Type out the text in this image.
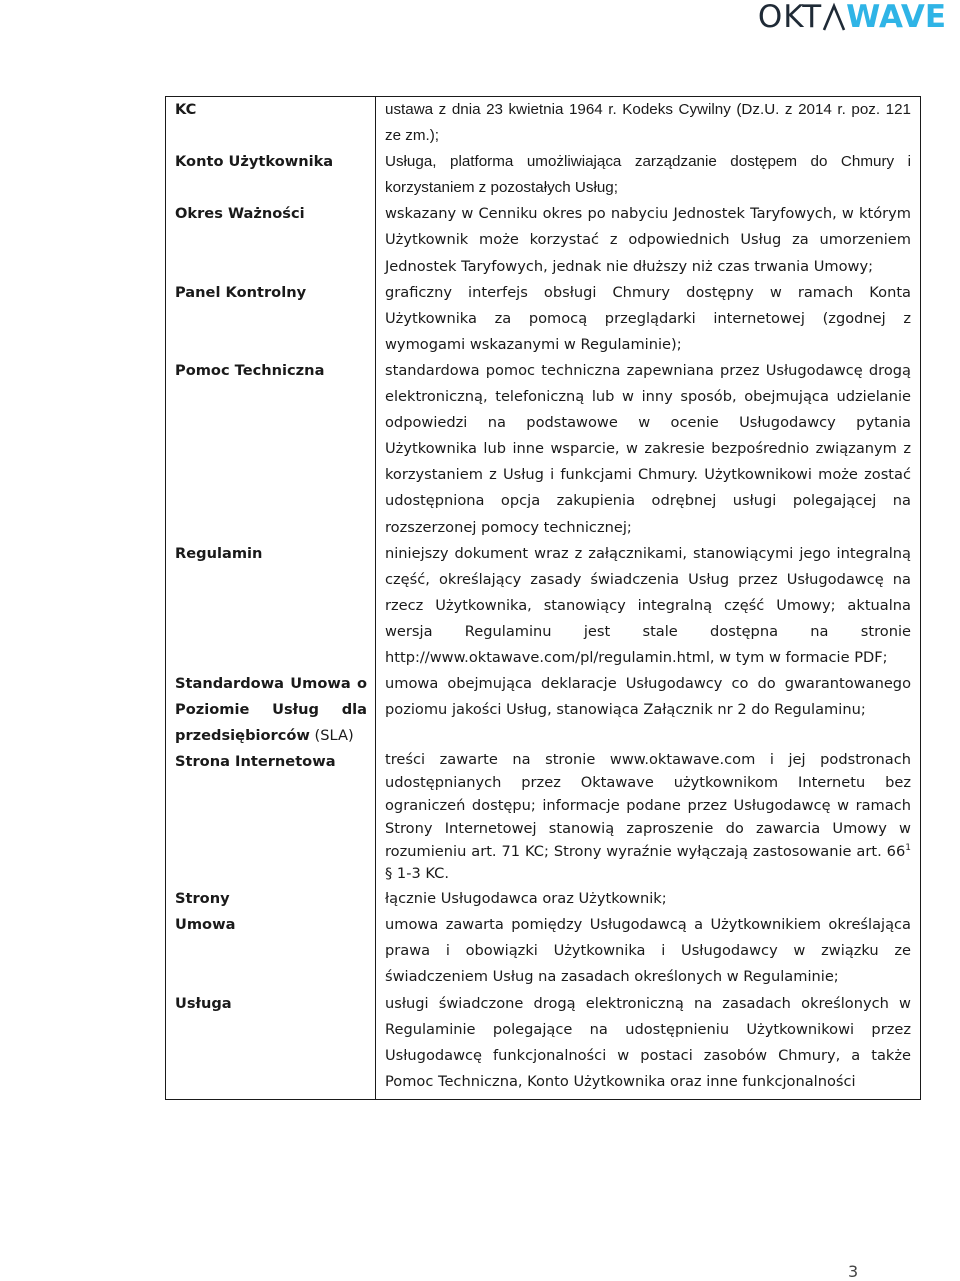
OKT WAVE
KC	ustawa z dnia 23 kwietnia 1964 r. Kodeks Cywilny (Dz.U. z 2014 r. poz. 121 ze zm.);
Konto Użytkownika	Usługa, platforma umożliwiająca zarządzanie dostępem do Chmury i korzystaniem z pozostałych Usług;
Okres Ważności	wskazany w Cenniku okres po nabyciu Jednostek Taryfowych, w którym Użytkownik może korzystać z odpowiednich Usług za umorzeniem Jednostek Taryfowych, jednak nie dłuższy niż czas trwania Umowy;
Panel Kontrolny	graficzny interfejs obsługi Chmury dostępny w ramach Konta Użytkownika za pomocą przeglądarki internetowej (zgodnej z wymogami wskazanymi w Regulaminie);
Pomoc Techniczna	standardowa pomoc techniczna zapewniana przez Usługodawcę drogą elektroniczną, telefoniczną lub w inny sposób, obejmująca udzielanie odpowiedzi na podstawowe w ocenie Usługodawcy pytania Użytkownika lub inne wsparcie, w zakresie bezpośrednio związanym z korzystaniem z Usług i funkcjami Chmury. Użytkownikowi może zostać udostępniona opcja zakupienia odrębnej usługi polegającej na rozszerzonej pomocy technicznej;
Regulamin	niniejszy dokument wraz z załącznikami, stanowiącymi jego integralną część, określający zasady świadczenia Usług przez Usługodawcę na rzecz Użytkownika, stanowiący integralną część Umowy; aktualna wersja Regulaminu jest stale dostępna na stronie http://www.oktawave.com/pl/regulamin.html, w tym w formacie PDF;
Standardowa Umowa o Poziomie Usług dla przedsiębiorców (SLA)	umowa obejmująca deklaracje Usługodawcy co do gwarantowanego poziomu jakości Usług, stanowiąca Załącznik nr 2 do Regulaminu;
Strona Internetowa	treści zawarte na stronie www.oktawave.com i jej podstronach udostępnianych przez Oktawave użytkownikom Internetu bez ograniczeń dostępu; informacje podane przez Usługodawcę w ramach Strony Internetowej stanowią zaproszenie do zawarcia Umowy w rozumieniu art. 71 KC; Strony wyraźnie wyłączają zastosowanie art. $66^1$ § 1-3 KC.
Strony	łącznie Usługodawca oraz Użytkownik;
Umowa	umowa zawarta pomiędzy Usługodawcą a Użytkownikiem określająca prawa i obowiązki Użytkownika i Usługodawcy w związku ze świadczeniem Usług na zasadach określonych w Regulaminie;
Usługa	usługi świadczone drogą elektroniczną na zasadach określonych w Regulaminie polegające na udostępnieniu Użytkownikowi przez Usługodawcę funkcjonalności w postaci zasobów Chmury, a także Pomoc Techniczna, Konto Użytkownika oraz inne funkcjonalności
3
